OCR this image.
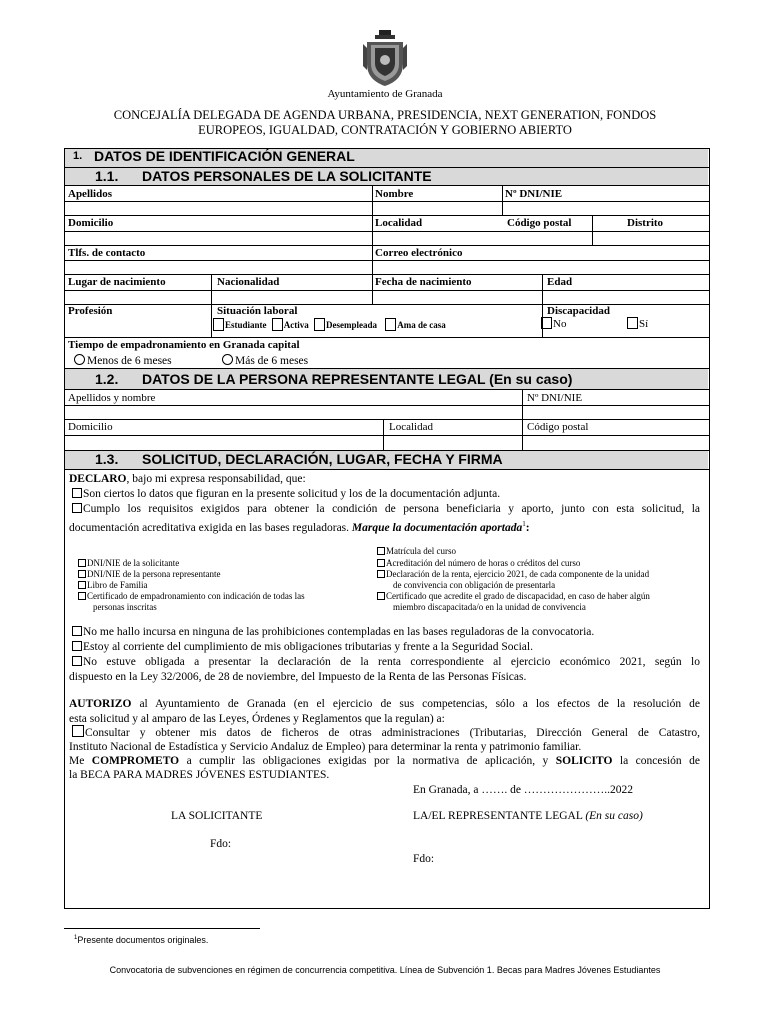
Ayuntamiento de Granada
CONCEJALÍA DELEGADA DE AGENDA URBANA, PRESIDENCIA, NEXT GENERATION, FONDOS
EUROPEOS, IGUALDAD, CONTRATACIÓN Y GOBIERNO ABIERTO
1. DATOS DE IDENTIFICACIÓN GENERAL
1.1. DATOS PERSONALES DE LA SOLICITANTE
Apellidos	Nombre	Nº DNI/NIE
Domicilio	Localidad	Código postal	Distrito
Tlfs. de contacto	Correo electrónico
Lugar de nacimiento	Nacionalidad	Fecha de nacimiento	Edad
Profesión	Situación laboral	Discapacidad
Estudiante Activa Desempleada Ama de casa	No	Sí
Tiempo de empadronamiento en Granada capital
Menos de 6 meses	Más de 6 meses
1.2. DATOS DE LA PERSONA REPRESENTANTE LEGAL (En su caso)
Apellidos y nombre	Nº DNI/NIE
Domicilio	Localidad	Código postal
1.3. SOLICITUD, DECLARACIÓN, LUGAR, FECHA Y FIRMA
DECLARO, bajo mi expresa responsabilidad, que:
Son ciertos lo datos que figuran en la presente solicitud y los de la documentación adjunta.
Cumplo los requisitos exigidos para obtener la condición de persona beneficiaria y aporto, junto con esta solicitud, la
documentación acreditativa exigida en las bases reguladoras. Marque la documentación aportada$^1$:
DNI/NIE de la solicitante
DNI/NIE de la persona representante
Libro de Familia
Certificado de empadronamiento con indicación de todas las
personas inscritas
Matrícula del curso
Acreditación del número de horas o créditos del curso
Declaración de la renta, ejercicio 2021, de cada componente de la unidad
de convivencia con obligación de presentarla
Certificado que acredite el grado de discapacidad, en caso de haber algún
miembro discapacitada/o en la unidad de convivencia
No me hallo incursa en ninguna de las prohibiciones contempladas en las bases reguladoras de la convocatoria.
Estoy al corriente del cumplimiento de mis obligaciones tributarias y frente a la Seguridad Social.
No estuve obligada a presentar la declaración de la renta correspondiente al ejercicio económico 2021, según lo
dispuesto en la Ley 32/2006, de 28 de noviembre, del Impuesto de la Renta de las Personas Físicas.
AUTORIZO al Ayuntamiento de Granada (en el ejercicio de sus competencias, sólo a los efectos de la resolución de
esta solicitud y al amparo de las Leyes, Órdenes y Reglamentos que la regulan) a:
Consultar y obtener mis datos de ficheros de otras administraciones (Tributarias, Dirección General de Catastro,
Instituto Nacional de Estadística y Servicio Andaluz de Empleo) para determinar la renta y patrimonio familiar.
Me COMPROMETO a cumplir las obligaciones exigidas por la normativa de aplicación, y SOLICITO la concesión de
la BECA PARA MADRES JÓVENES ESTUDIANTES.
En Granada, a ……. de …………………..2022
LA SOLICITANTE	LA/EL REPRESENTANTE LEGAL (En su caso)
Fdo:
Fdo:
$^1$Presente documentos originales.
Convocatoria de subvenciones en régimen de concurrencia competitiva. Línea de Subvención 1. Becas para Madres Jóvenes Estudiantes
